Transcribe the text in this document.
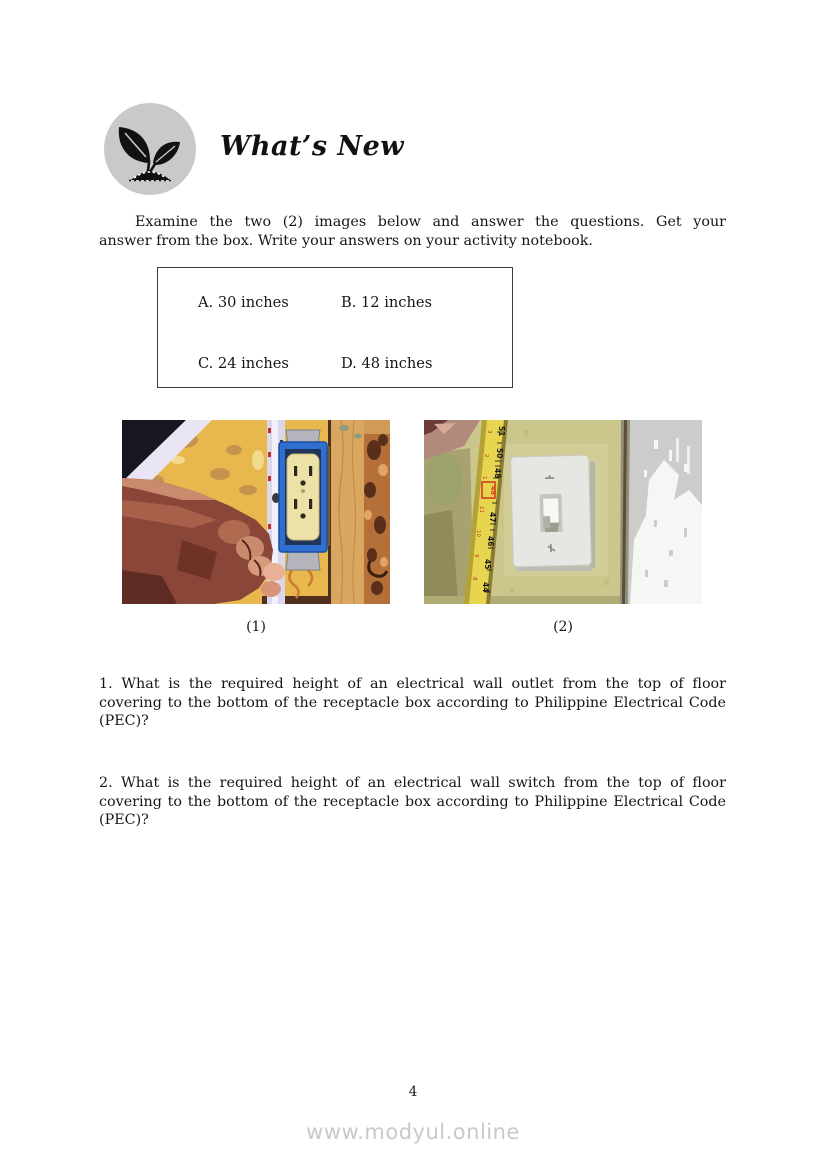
What’s New
Examine the two (2) images below and answer the questions. Get your
answer from the box. Write your answers on your activity notebook.
A. 30 inches	B. 12 inches
C. 24 inches	D. 48 inches
51
50
48
47
46
45
44
3
2
1
11
10
9
8
48
(1)	(2)
1. What is the required height of an electrical wall outlet from the top of floor
covering to the bottom of the receptacle box according to Philippine Electrical Code
(PEC)?
2. What is the required height of an electrical wall switch from the top of floor
covering to the bottom of the receptacle box according to Philippine Electrical Code
(PEC)?
4
www.modyul.online
